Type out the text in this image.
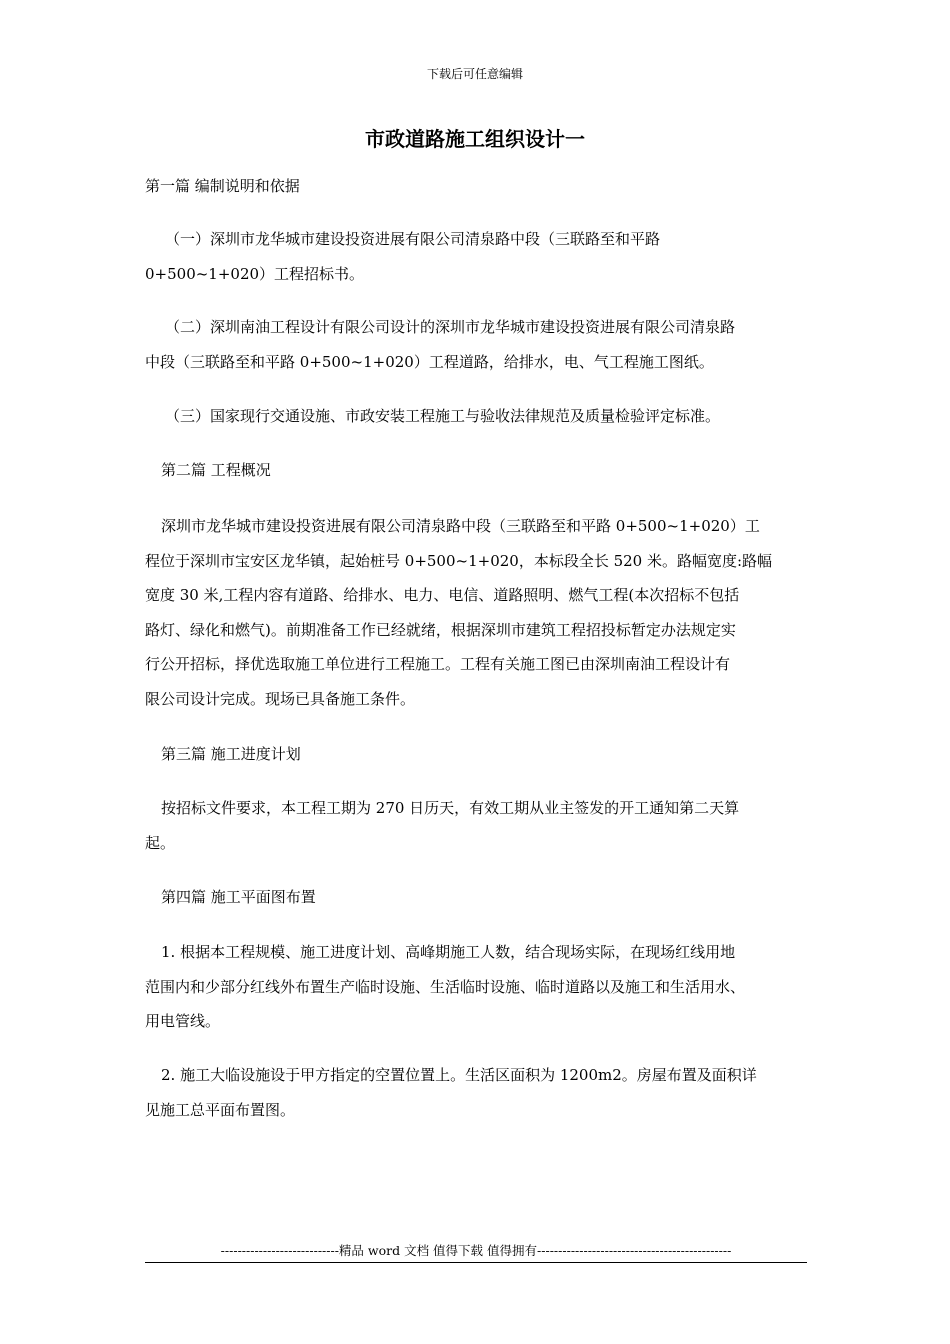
下载后可任意编辑
市政道路施工组织设计一
第一篇 编制说明和依据
（一）深圳市龙华城市建设投资进展有限公司清泉路中段（三联路至和平路
0+500~1+020）工程招标书。
（二）深圳南油工程设计有限公司设计的深圳市龙华城市建设投资进展有限公司清泉路
中段（三联路至和平路 0+500~1+020）工程道路，给排水，电、气工程施工图纸。
（三）国家现行交通设施、市政安装工程施工与验收法律规范及质量检验评定标准。
第二篇 工程概况
深圳市龙华城市建设投资进展有限公司清泉路中段（三联路至和平路 0+500~1+020）工
程位于深圳市宝安区龙华镇，起始桩号 0+500~1+020，本标段全长 520 米。路幅宽度:路幅
宽度 30 米,工程内容有道路、给排水、电力、电信、道路照明、燃气工程(本次招标不包括
路灯、绿化和燃气)。前期准备工作已经就绪，根据深圳市建筑工程招投标暂定办法规定实
行公开招标，择优选取施工单位进行工程施工。工程有关施工图已由深圳南油工程设计有
限公司设计完成。现场已具备施工条件。
第三篇 施工进度计划
按招标文件要求，本工程工期为 270 日历天，有效工期从业主签发的开工通知第二天算
起。
第四篇 施工平面图布置
1. 根据本工程规模、施工进度计划、高峰期施工人数，结合现场实际，在现场红线用地
范围内和少部分红线外布置生产临时设施、生活临时设施、临时道路以及施工和生活用水、
用电管线。
2. 施工大临设施设于甲方指定的空置位置上。生活区面积为 1200m2。房屋布置及面积详
见施工总平面布置图。
----------------------------精品 word 文档 值得下载 值得拥有----------------------------------------------
